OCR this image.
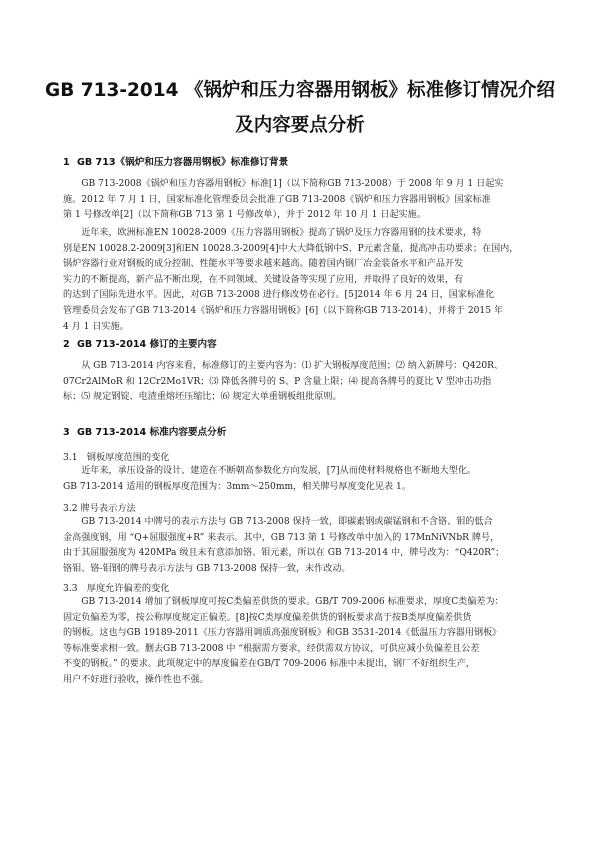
GB 713-2014 《锅炉和压力容器用钢板》标准修订情况介绍
及内容要点分析
1 GB 713《锅炉和压力容器用钢板》标准修订背景
GB 713-2008《锅炉和压力容器用钢板》标准[1]（以下简称GB 713-2008）于 2008 年 9 月 1 日起实
施。2012 年 7 月 1 日，国家标准化管理委员会批准了GB 713-2008《锅炉和压力容器用钢板》国家标准
第 1 号修改单[2]（以下简称GB 713 第 1 号修改单），并于 2012 年 10 月 1 日起实施。
近年来，欧洲标准EN 10028-2009《压力容器用钢板》提高了锅炉及压力容器用钢的技术要求，特
别是EN 10028.2-2009[3]和EN 10028.3-2009[4]中大大降低钢中S、P元素含量，提高冲击功要求；在国内，
锅炉容器行业对钢板的成分控制、性能水平等要求越来越高。随着国内钢厂冶金装备水平和产品开发
实力的不断提高，新产品不断出现，在不同领域、关键设备等实现了应用，并取得了良好的效果，有
的达到了国际先进水平。因此，对GB 713-2008 进行修改势在必行。[5]2014 年 6 月 24 日，国家标准化
管理委员会发布了GB 713-2014《锅炉和压力容器用钢板》[6]（以下简称GB 713-2014），并将于 2015 年
4 月 1 日实施。
2 GB 713-2014 修订的主要内容
从 GB 713-2014 内容来看，标准修订的主要内容为：⑴ 扩大钢板厚度范围；⑵ 纳入新牌号：Q420R、
07Cr2AlMoR 和 12Cr2Mo1VR；⑶ 降低各牌号的 S、P 含量上限；⑷ 提高各牌号的夏比 V 型冲击功指
标；⑸ 规定钢锭、电渣重熔坯压缩比；⑹ 规定大单重钢板组批原则。
3 GB 713-2014 标准内容要点分析
3.1　钢板厚度范围的变化
近年来，承压设备的设计、建造在不断朝高参数化方向发展，[7]从而使材料规格也不断地大型化。
GB 713-2014 适用的钢板厚度范围为：3mm～250mm，相关牌号厚度变化见表 1。
3.2 牌号表示方法
GB 713-2014 中牌号的表示方法与 GB 713-2008 保持一致，即碳素钢或碳锰钢和不含铬、钼的低合
金高强度钢，用 “Q+屈服强度+R” 来表示。其中，GB 713 第 1 号修改单中加入的 17MnNiVNbR 牌号，
由于其屈服强度为 420MPa 级且未有意添加铬、钼元素，所以在 GB 713-2014 中，牌号改为：“Q420R”；
铬钼、铬-钼钢的牌号表示方法与 GB 713-2008 保持一致，未作改动。
3.3　厚度允许偏差的变化
GB 713-2014 增加了钢板厚度可按C类偏差供货的要求。GB/T 709-2006 标准要求，厚度C类偏差为：
固定负偏差为零，按公称厚度规定正偏差。[8]按C类厚度偏差供货的钢板要求高于按B类厚度偏差供货
的钢板。这也与GB 19189-2011《压力容器用调质高强度钢板》和GB 3531-2014《低温压力容器用钢板》
等标准要求相一致。删去GB 713-2008 中 “根据需方要求，经供需双方协议，可供应减小负偏差且公差
不变的钢板。” 的要求。此项规定中的厚度偏差在GB/T 709-2006 标准中未提出，钢厂不好组织生产，
用户不好进行验收，操作性也不强。
